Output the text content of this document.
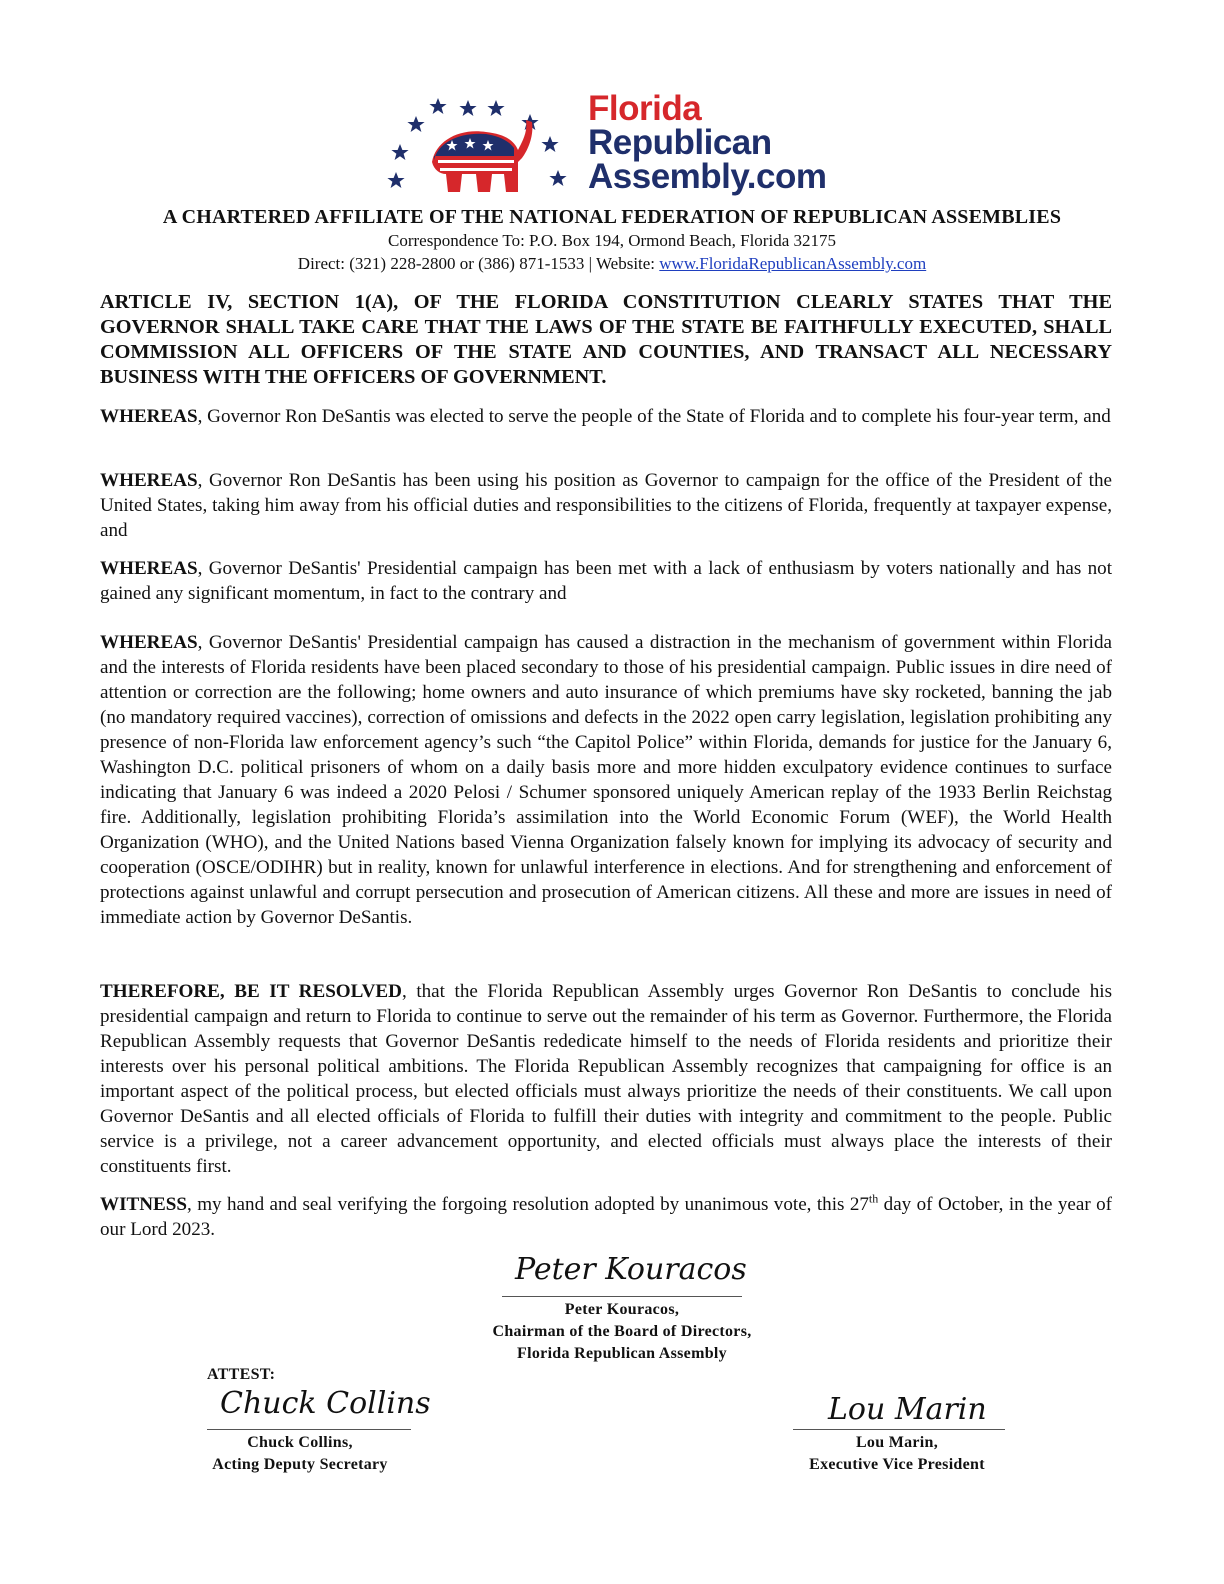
Florida
Republican
Assembly.com
A CHARTERED AFFILIATE OF THE NATIONAL FEDERATION OF REPUBLICAN ASSEMBLIES
Correspondence To: P.O. Box 194, Ormond Beach, Florida 32175
Direct: (321) 228-2800 or (386) 871-1533 | Website: www.FloridaRepublicanAssembly.com
ARTICLE IV, SECTION 1(A), OF THE FLORIDA CONSTITUTION CLEARLY STATES THAT THE GOVERNOR SHALL TAKE CARE THAT THE LAWS OF THE STATE BE FAITHFULLY EXECUTED, SHALL COMMISSION ALL OFFICERS OF THE STATE AND COUNTIES, AND TRANSACT ALL NECESSARY BUSINESS WITH THE OFFICERS OF GOVERNMENT.
WHEREAS, Governor Ron DeSantis was elected to serve the people of the State of Florida and to complete his four-year term, and
WHEREAS, Governor Ron DeSantis has been using his position as Governor to campaign for the office of the President of the United States, taking him away from his official duties and responsibilities to the citizens of Florida, frequently at taxpayer expense, and
WHEREAS, Governor DeSantis' Presidential campaign has been met with a lack of enthusiasm by voters nationally and has not gained any significant momentum, in fact to the contrary and
WHEREAS, Governor DeSantis' Presidential campaign has caused a distraction in the mechanism of government within Florida and the interests of Florida residents have been placed secondary to those of his presidential campaign. Public issues in dire need of attention or correction are the following; home owners and auto insurance of which premiums have sky rocketed, banning the jab (no mandatory required vaccines), correction of omissions and defects in the 2022 open carry legislation, legislation prohibiting any presence of non-Florida law enforcement agency’s such “the Capitol Police” within Florida, demands for justice for the January 6, Washington D.C. political prisoners of whom on a daily basis more and more hidden exculpatory evidence continues to surface indicating that January 6 was indeed a 2020 Pelosi / Schumer sponsored uniquely American replay of the 1933 Berlin Reichstag fire. Additionally, legislation prohibiting Florida’s assimilation into the World Economic Forum (WEF), the World Health Organization (WHO), and the United Nations based Vienna Organization falsely known for implying its advocacy of security and cooperation (OSCE/ODIHR) but in reality, known for unlawful interference in elections. And for strengthening and enforcement of protections against unlawful and corrupt persecution and prosecution of American citizens. All these and more are issues in need of immediate action by Governor DeSantis.
THEREFORE, BE IT RESOLVED, that the Florida Republican Assembly urges Governor Ron DeSantis to conclude his presidential campaign and return to Florida to continue to serve out the remainder of his term as Governor. Furthermore, the Florida Republican Assembly requests that Governor DeSantis rededicate himself to the needs of Florida residents and prioritize their interests over his personal political ambitions. The Florida Republican Assembly recognizes that campaigning for office is an important aspect of the political process, but elected officials must always prioritize the needs of their constituents. We call upon Governor DeSantis and all elected officials of Florida to fulfill their duties with integrity and commitment to the people. Public service is a privilege, not a career advancement opportunity, and elected officials must always place the interests of their constituents first.
WITNESS, my hand and seal verifying the forgoing resolution adopted by unanimous vote, this 27th day of October, in the year of our Lord 2023.
Peter Kouracos
Peter Kouracos,
Chairman of the Board of Directors,
Florida Republican Assembly
ATTEST:
Chuck Collins
Chuck Collins,
Acting Deputy Secretary
Lou Marin
Lou Marin,
Executive Vice President
